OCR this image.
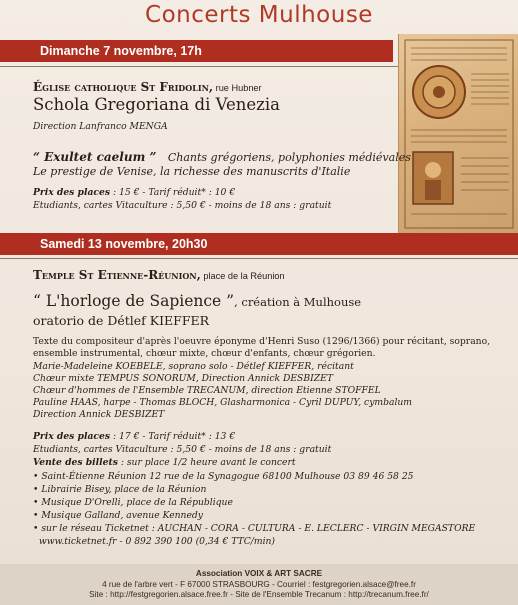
Concerts Mulhouse
Dimanche 7 novembre, 17h
Église catholique St Fridolin, rue Hubner
Schola Gregoriana di Venezia
Direction Lanfranco MENGA
“ Exultet caelum ” Chants grégoriens, polyphonies médiévales
Le prestige de Venise, la richesse des manuscrits d'Italie
Prix des places : 15 € - Tarif réduit* : 10 €
Etudiants, cartes Vitaculture : 5,50 € - moins de 18 ans : gratuit
Samedi 13 novembre, 20h30
Temple St Etienne-Réunion, place de la Réunion
“ L'horloge de Sapience ”, création à Mulhouse
oratorio de Détlef KIEFFER
Texte du compositeur d'après l'oeuvre éponyme d'Henri Suso (1296/1366) pour récitant, soprano,
ensemble instrumental, chœur mixte, chœur d'enfants, chœur grégorien.
Marie-Madeleine KOEBELE, soprano solo - Détlef KIEFFER, récitant
Chœur mixte TEMPUS SONORUM, Direction Annick DESBIZET
Chœur d'hommes de l'Ensemble TRECANUM, direction Etienne STOFFEL
Pauline HAAS, harpe - Thomas BLOCH, Glasharmonica - Cyril DUPUY, cymbalum
Direction Annick DESBIZET
Prix des places : 17 € - Tarif réduit* : 13 €
Etudiants, cartes Vitaculture : 5,50 € - moins de 18 ans : gratuit
Vente des billets : sur place 1/2 heure avant le concert
• Saint-Étienne Réunion 12 rue de la Synagogue 68100 Mulhouse 03 89 46 58 25
• Librairie Bisey, place de la Réunion
• Musique D'Orelli, place de la République
• Musique Galland, avenue Kennedy
• sur le réseau Ticketnet : AUCHAN - CORA - CULTURA - E. LECLERC - VIRGIN MEGASTORE
www.ticketnet.fr - 0 892 390 100 (0,34 € TTC/min)
Association VOIX & ART SACRE
4 rue de l'arbre vert - F 67000 STRASBOURG - Courriel : festgregorien.alsace@free.fr
Site : http://festgregorien.alsace.free.fr - Site de l'Ensemble Trecanum : http://trecanum.free.fr/
